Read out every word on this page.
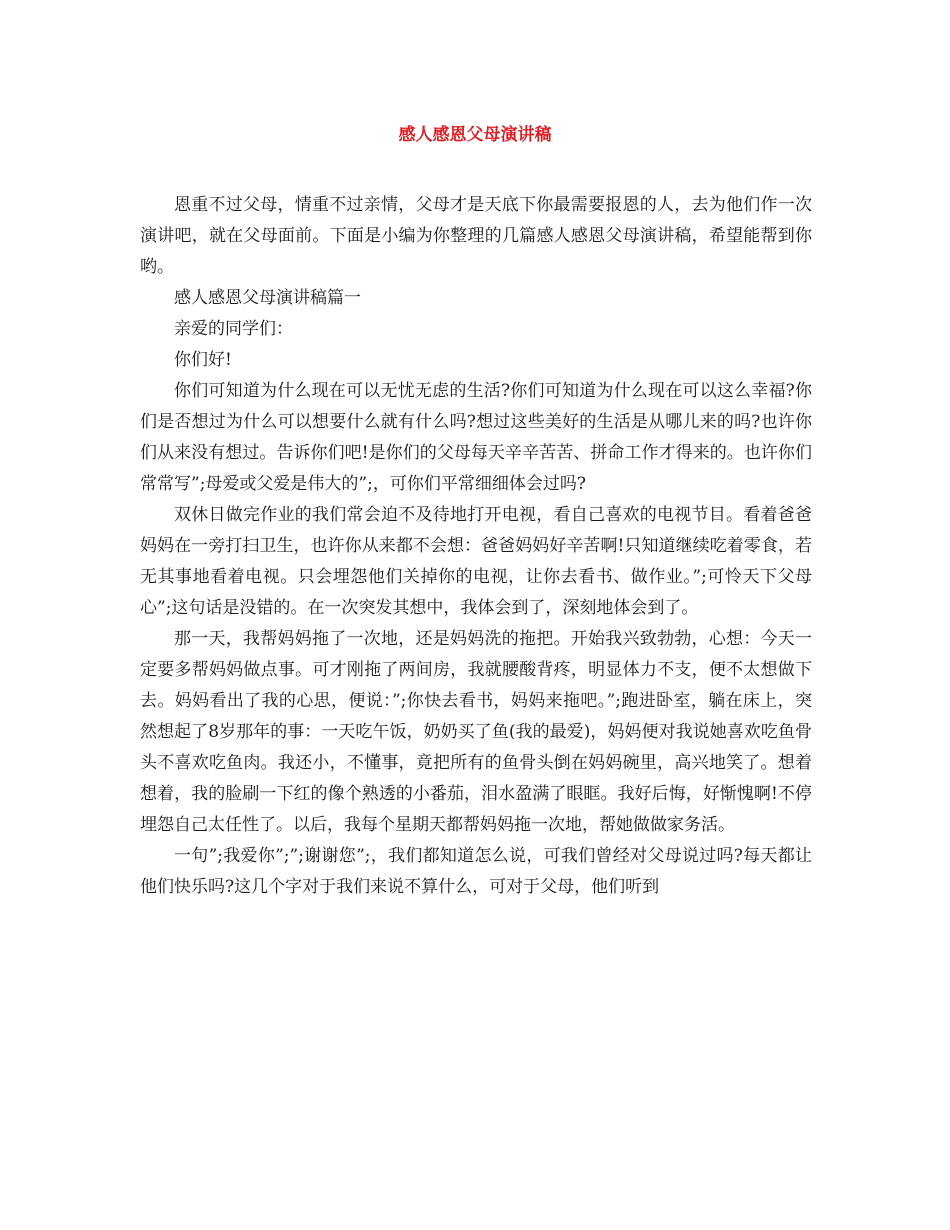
感人感恩父母演讲稿

恩重不过父母，情重不过亲情，父母才是天底下你最需要报恩的人，去为他们作一次演讲吧，就在父母面前。下面是小编为你整理的几篇感人感恩父母演讲稿，希望能帮到你哟。

感人感恩父母演讲稿篇一

亲爱的同学们：

你们好!

你们可知道为什么现在可以无忧无虑的生活?你们可知道为什么现在可以这么幸福?你们是否想过为什么可以想要什么就有什么吗?想过这些美好的生活是从哪儿来的吗?也许你们从来没有想过。告诉你们吧!是你们的父母每天辛辛苦苦、拼命工作才得来的。也许你们常常写”;母爱或父爱是伟大的”;，可你们平常细细体会过吗?

双休日做完作业的我们常会迫不及待地打开电视，看自己喜欢的电视节目。看着爸爸妈妈在一旁打扫卫生，也许你从来都不会想：爸爸妈妈好辛苦啊!只知道继续吃着零食，若无其事地看着电视。只会埋怨他们关掉你的电视，让你去看书、做作业。”;可怜天下父母心”;这句话是没错的。在一次突发其想中，我体会到了，深刻地体会到了。

那一天，我帮妈妈拖了一次地，还是妈妈洗的拖把。开始我兴致勃勃，心想：今天一定要多帮妈妈做点事。可才刚拖了两间房，我就腰酸背疼，明显体力不支，便不太想做下去。妈妈看出了我的心思，便说：”;你快去看书，妈妈来拖吧。”;跑进卧室，躺在床上，突然想起了8岁那年的事：一天吃午饭，奶奶买了鱼(我的最爱)，妈妈便对我说她喜欢吃鱼骨头不喜欢吃鱼肉。我还小，不懂事，竟把所有的鱼骨头倒在妈妈碗里，高兴地笑了。想着想着，我的脸刷一下红的像个熟透的小番茄，泪水盈满了眼眶。我好后悔，好惭愧啊!不停埋怨自己太任性了。以后，我每个星期天都帮妈妈拖一次地，帮她做做家务活。

一句”;我爱你”;”;谢谢您”;，我们都知道怎么说，可我们曾经对父母说过吗?每天都让他们快乐吗?这几个字对于我们来说不算什么，可对于父母，他们听到
